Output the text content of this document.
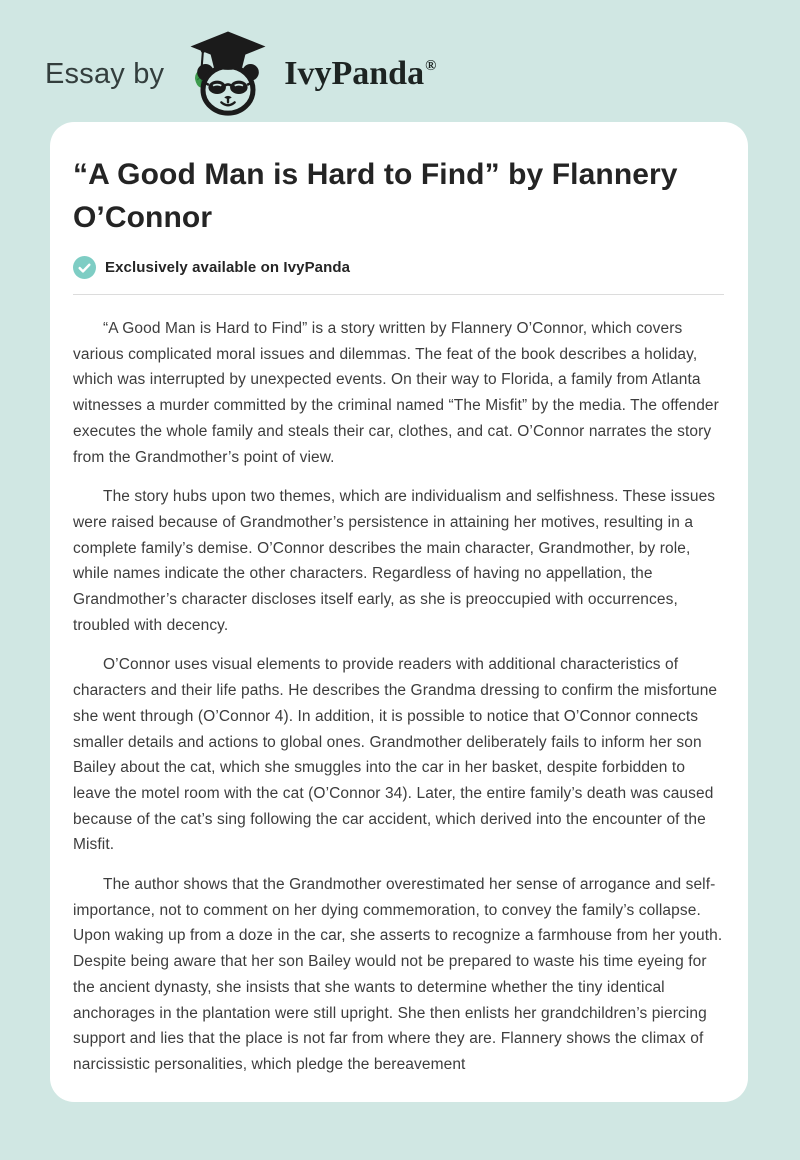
Essay by	IvyPanda®
“A Good Man is Hard to Find” by Flannery O’Connor
Exclusively available on IvyPanda

“A Good Man is Hard to Find” is a story written by Flannery O’Connor, which covers various complicated moral issues and dilemmas. The feat of the book describes a holiday, which was interrupted by unexpected events. On their way to Florida, a family from Atlanta witnesses a murder committed by the criminal named “The Misfit” by the media. The offender executes the whole family and steals their car, clothes, and cat. O’Connor narrates the story from the Grandmother’s point of view.

The story hubs upon two themes, which are individualism and selfishness. These issues were raised because of Grandmother’s persistence in attaining her motives, resulting in a complete family’s demise. O’Connor describes the main character, Grandmother, by role, while names indicate the other characters. Regardless of having no appellation, the Grandmother’s character discloses itself early, as she is preoccupied with occurrences, troubled with decency.

O’Connor uses visual elements to provide readers with additional characteristics of characters and their life paths. He describes the Grandma dressing to confirm the misfortune she went through (O’Connor 4). In addition, it is possible to notice that O’Connor connects smaller details and actions to global ones. Grandmother deliberately fails to inform her son Bailey about the cat, which she smuggles into the car in her basket, despite forbidden to leave the motel room with the cat (O’Connor 34). Later, the entire family’s death was caused because of the cat’s sing following the car accident, which derived into the encounter of the Misfit.

The author shows that the Grandmother overestimated her sense of arrogance and self-importance, not to comment on her dying commemoration, to convey the family’s collapse. Upon waking up from a doze in the car, she asserts to recognize a farmhouse from her youth. Despite being aware that her son Bailey would not be prepared to waste his time eyeing for the ancient dynasty, she insists that she wants to determine whether the tiny identical anchorages in the plantation were still upright. She then enlists her grandchildren’s piercing support and lies that the place is not far from where they are. Flannery shows the climax of narcissistic personalities, which pledge the bereavement
